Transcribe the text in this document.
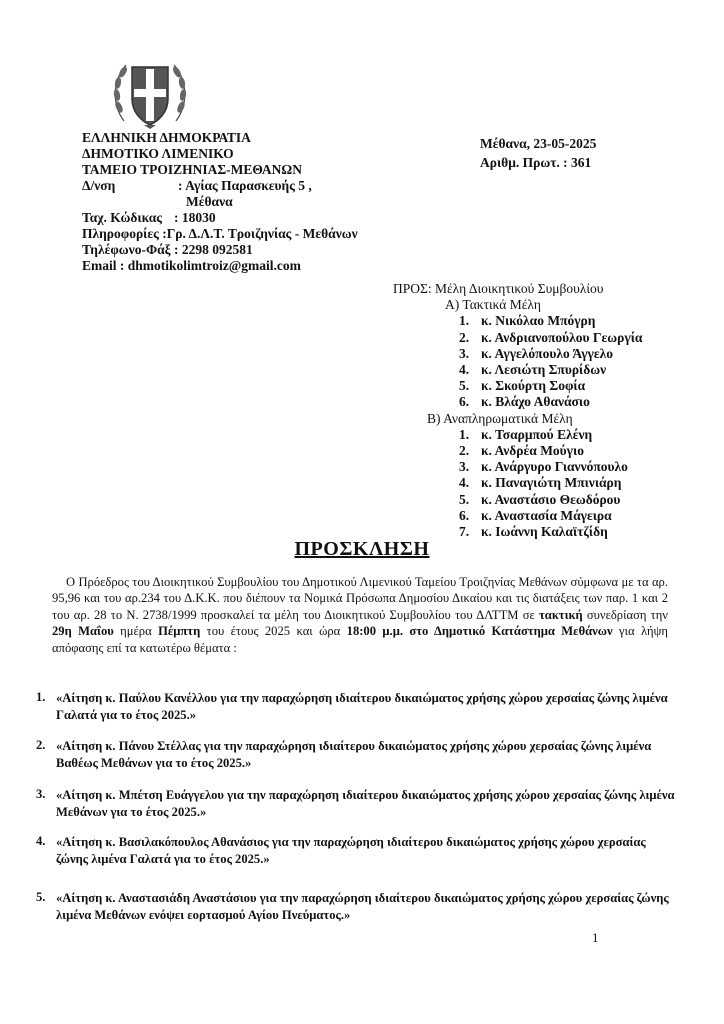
ΕΛΛΗΝΙΚΗ ΔΗΜΟΚΡΑΤΙΑ
ΔΗΜΟΤΙΚΟ ΛΙΜΕΝΙΚΟ
ΤΑΜΕΙΟ ΤΡΟΙΖΗΝΙΑΣ-ΜΕΘΑΝΩΝ
Δ/νση	: Αγίας Παρασκευής 5 ,
Μέθανα
Ταχ. Κώδικας : 18030
Πληροφορίες :Γρ. Δ.Λ.Τ. Τροιζηνίας - Μεθάνων
Τηλέφωνο-Φάξ : 2298 092581
Email : dhmotikolimtroiz@gmail.com
Μέθανα, 23-05-2025
Αριθμ. Πρωτ. : 361
ΠΡΟΣ: Μέλη Διοικητικού Συμβουλίου
Α) Τακτικά Μέλη
1. κ. Νικόλαο Μπόγρη
2. κ. Ανδριανοπούλου Γεωργία
3. κ. Αγγελόπουλο Άγγελο
4. κ. Λεσιώτη Σπυρίδων
5. κ. Σκούρτη Σοφία
6. κ. Βλάχο Αθανάσιο
Β) Αναπληρωματικά Μέλη
1. κ. Τσαρμπού Ελένη
2. κ. Ανδρέα Μούγιο
3. κ. Ανάργυρο Γιαννόπουλο
4. κ. Παναγιώτη Μπινιάρη
5. κ. Αναστάσιο Θεωδόρου
6. κ. Αναστασία Μάγειρα
7. κ. Ιωάννη Καλαϊτζίδη
ΠΡΟΣΚΛΗΣΗ
Ο Πρόεδρος του Διοικητικού Συμβουλίου του Δημοτικού Λιμενικού Ταμείου Τροιζηνίας Μεθάνων σύμφωνα με τα αρ. 95,96 και του αρ.234 του Δ.Κ.Κ. που διέπουν τα Νομικά Πρόσωπα Δημοσίου Δικαίου και τις διατάξεις των παρ. 1 και 2 του αρ. 28 το Ν. 2738/1999 προσκαλεί τα μέλη του Διοικητικού Συμβουλίου του ΔΛΤΤΜ σε τακτική συνεδρίαση την 29η Μαΐου ημέρα Πέμπτη του έτους 2025 και ώρα 18:00 μ.μ. στο Δημοτικό Κατάστημα Μεθάνων για λήψη απόφασης επί τα κατωτέρω θέματα :
1. «Αίτηση κ. Παύλου Κανέλλου για την παραχώρηση ιδιαίτερου δικαιώματος χρήσης χώρου χερσαίας ζώνης λιμένα Γαλατά για το έτος 2025.»
2. «Αίτηση κ. Πάνου Στέλλας για την παραχώρηση ιδιαίτερου δικαιώματος χρήσης χώρου χερσαίας ζώνης λιμένα Βαθέως Μεθάνων για το έτος 2025.»
3. «Αίτηση κ. Μπέτση Ευάγγελου για την παραχώρηση ιδιαίτερου δικαιώματος χρήσης χώρου χερσαίας ζώνης λιμένα Μεθάνων για το έτος 2025.»
4. «Αίτηση κ. Βασιλακόπουλος Αθανάσιος για την παραχώρηση ιδιαίτερου δικαιώματος χρήσης χώρου χερσαίας ζώνης λιμένα Γαλατά για το έτος 2025.»
5. «Αίτηση κ. Αναστασιάδη Αναστάσιου για την παραχώρηση ιδιαίτερου δικαιώματος χρήσης χώρου χερσαίας ζώνης λιμένα Μεθάνων ενόψει εορτασμού Αγίου Πνεύματος.»
1
